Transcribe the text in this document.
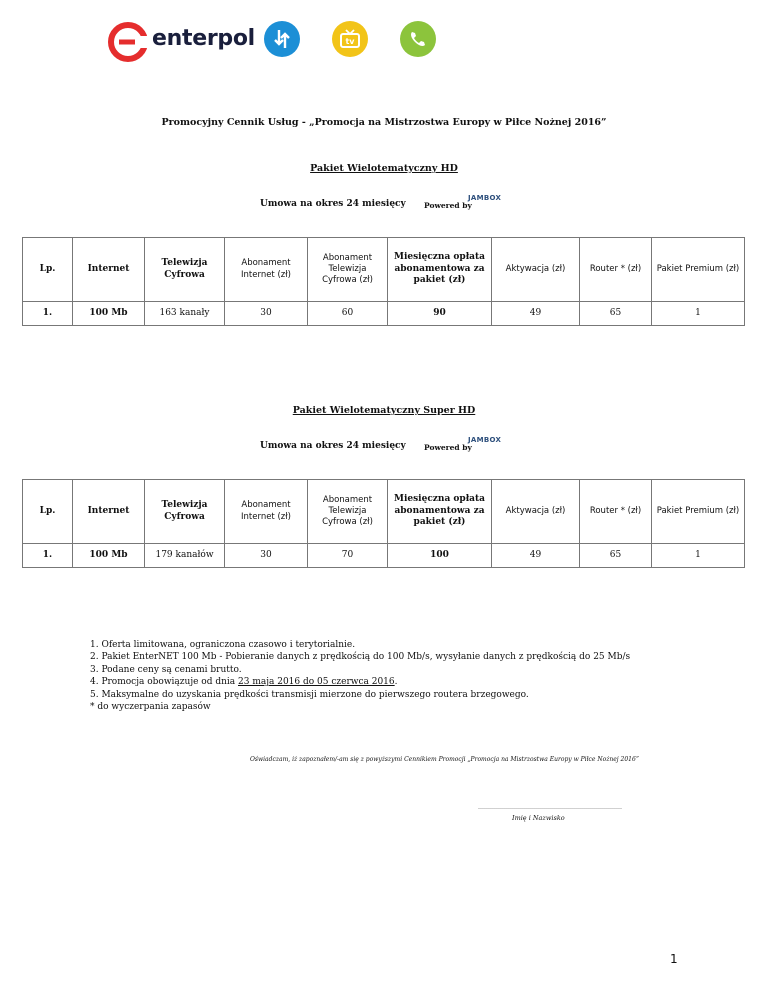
enterpol	tv
Promocyjny Cennik Usług - „Promocja na Mistrzostwa Europy w Piłce Nożnej 2016”
Pakiet Wielotematyczny HD
Umowa na okres 24 miesięcy Powered by
JAMBOX
Lp.	Internet	Telewizja Cyfrowa	Abonament Internet (zł)	Abonament Telewizja Cyfrowa (zł)	Miesięczna opłata abonamentowa za pakiet (zł)	Aktywacja (zł)	Router * (zł)	Pakiet Premium (zł)
1.	100 Mb	163 kanały	30	60	90	49	65	1
Pakiet Wielotematyczny Super HD
Umowa na okres 24 miesięcy Powered by
JAMBOX
Lp.	Internet	Telewizja Cyfrowa	Abonament Internet (zł)	Abonament Telewizja Cyfrowa (zł)	Miesięczna opłata abonamentowa za pakiet (zł)	Aktywacja (zł)	Router * (zł)	Pakiet Premium (zł)
1.	100 Mb	179 kanałów	30	70	100	49	65	1
1. Oferta limitowana, ograniczona czasowo i terytorialnie.
2. Pakiet EnterNET 100 Mb - Pobieranie danych z prędkością do 100 Mb/s, wysyłanie danych z prędkością do 25 Mb/s
3. Podane ceny są cenami brutto.
4. Promocja obowiązuje od dnia 23 maja 2016 do 05 czerwca 2016.
5. Maksymalne do uzyskania prędkości transmisji mierzone do pierwszego routera brzegowego.
* do wyczerpania zapasów
Oświadczam, iż zapoznałem/-am się z powyższymi Cennikiem Promocji „Promocja na Mistrzostwa Europy w Piłce Nożnej 2016”
………………………………………………………………
Imię i Nazwisko
1
